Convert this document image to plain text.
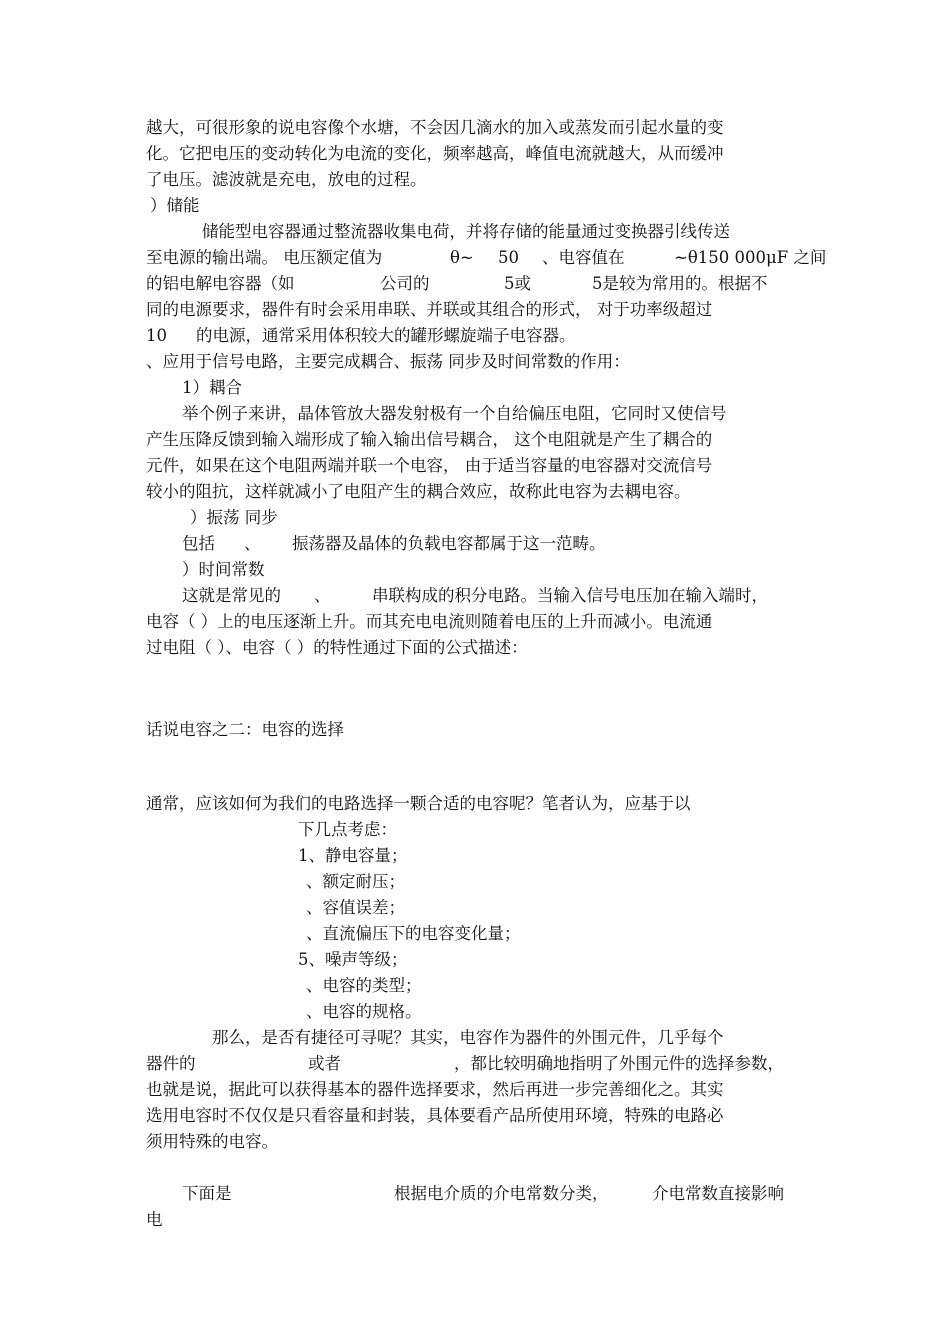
越大，可很形象的说电容像个水塘，不会因几滴水的加入或蒸发而引起水量的变
化。它把电压的变动转化为电流的变化，频率越高，峰值电流就越大，从而缓冲
了电压。滤波就是充电，放电的过程。
）储能
储能型电容器通过整流器收集电荷，并将存储的能量通过变换器引线传送

至电源的输出端。 电压额定值为

	θ~

50

、电容值在

	~θ150 000μF 之间

的铝电解电容器（如

	公司的

	5或

	5是较为常用的。根据不

同的电源要求，器件有时会采用串联、并联或其组合的形式， 对于功率级超过

10

的电源，通常采用体积较大的罐形螺旋端子电容器。

、应用于信号电路，主要完成耦合、振荡 同步及时间常数的作用：
1）耦合
举个例子来讲，晶体管放大器发射极有一个自给偏压电阻，它同时又使信号
产生压降反馈到输入端形成了输入输出信号耦合， 这个电阻就是产生了耦合的
元件，如果在这个电阻两端并联一个电容， 由于适当容量的电容器对交流信号
较小的阻抗，这样就减小了电阻产生的耦合效应，故称此电容为去耦电容。
）振荡 同步

包括

、

振荡器及晶体的负载电容都属于这一范畴。

）时间常数

这就是常见的

、

	串联构成的积分电路。当输入信号电压加在输入端时，

电容（ ）上的电压逐渐上升。而其充电电流则随着电压的上升而减小。电流通
过电阻（ ）、电容（ ）的特性通过下面的公式描述：
话说电容之二：电容的选择
通常，应该如何为我们的电路选择一颗合适的电容呢？笔者认为，应基于以
下几点考虑：
1、静电容量；
、额定耐压；
、容值误差；
、直流偏压下的电容变化量；
5、噪声等级；
、电容的类型；
、电容的规格。
那么，是否有捷径可寻呢？其实，电容作为器件的外围元件，几乎每个

器件的

	或者

	，都比较明确地指明了外围元件的选择参数，

也就是说，据此可以获得基本的器件选择要求，然后再进一步完善细化之。其实
选用电容时不仅仅是只看容量和封装，具体要看产品所使用环境，特殊的电路必
须用特殊的电容。

下面是

	根据电介质的介电常数分类，

	介电常数直接影响

电
